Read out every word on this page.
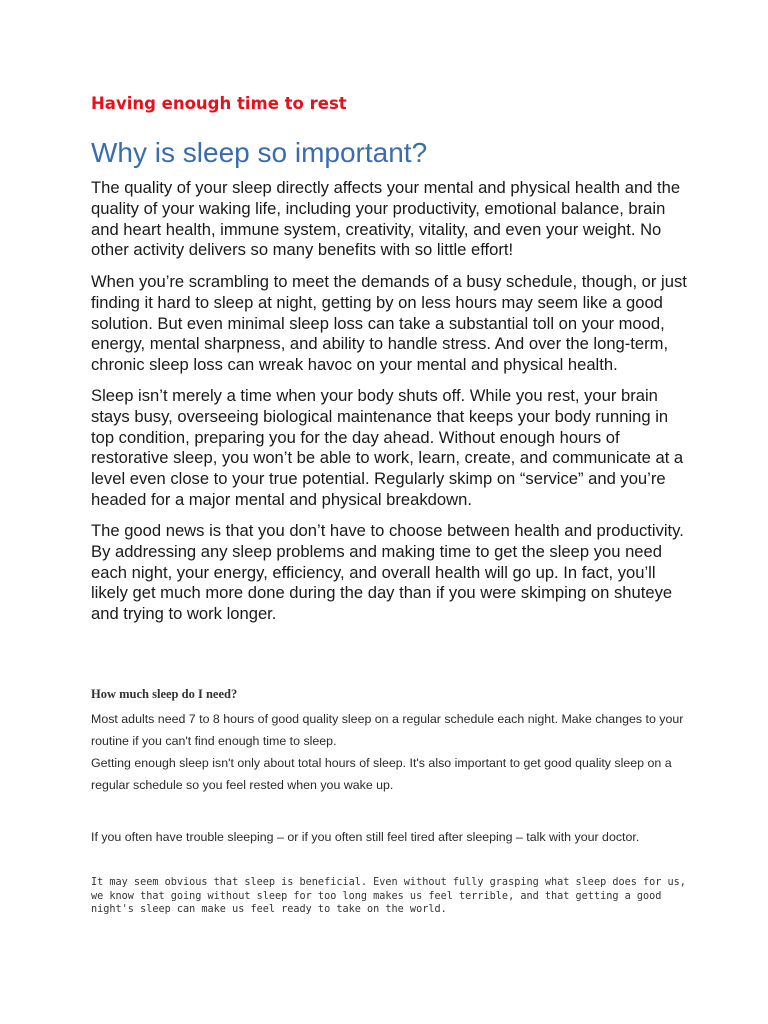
Having enough time to rest
Why is sleep so important?

The quality of your sleep directly affects your mental and physical health and the quality of your waking life, including your productivity, emotional balance, brain and heart health, immune system, creativity, vitality, and even your weight. No other activity delivers so many benefits with so little effort!

When you’re scrambling to meet the demands of a busy schedule, though, or just finding it hard to sleep at night, getting by on less hours may seem like a good solution. But even minimal sleep loss can take a substantial toll on your mood, energy, mental sharpness, and ability to handle stress. And over the long-term, chronic sleep loss can wreak havoc on your mental and physical health.

Sleep isn’t merely a time when your body shuts off. While you rest, your brain stays busy, overseeing biological maintenance that keeps your body running in top condition, preparing you for the day ahead. Without enough hours of restorative sleep, you won’t be able to work, learn, create, and communicate at a level even close to your true potential. Regularly skimp on “service” and you’re headed for a major mental and physical breakdown.

The good news is that you don’t have to choose between health and productivity. By addressing any sleep problems and making time to get the sleep you need each night, your energy, efficiency, and overall health will go up. In fact, you’ll likely get much more done during the day than if you were skimping on shuteye and trying to work longer.

How much sleep do I need?

Most adults need 7 to 8 hours of good quality sleep on a regular schedule each night. Make changes to your routine if you can't find enough time to sleep.

Getting enough sleep isn't only about total hours of sleep. It's also important to get good quality sleep on a regular schedule so you feel rested when you wake up.

If you often have trouble sleeping – or if you often still feel tired after sleeping – talk with your doctor.

It may seem obvious that sleep is beneficial. Even without fully grasping what sleep does for us, we know that going without sleep for too long makes us feel terrible, and that getting a good night's sleep can make us feel ready to take on the world.
